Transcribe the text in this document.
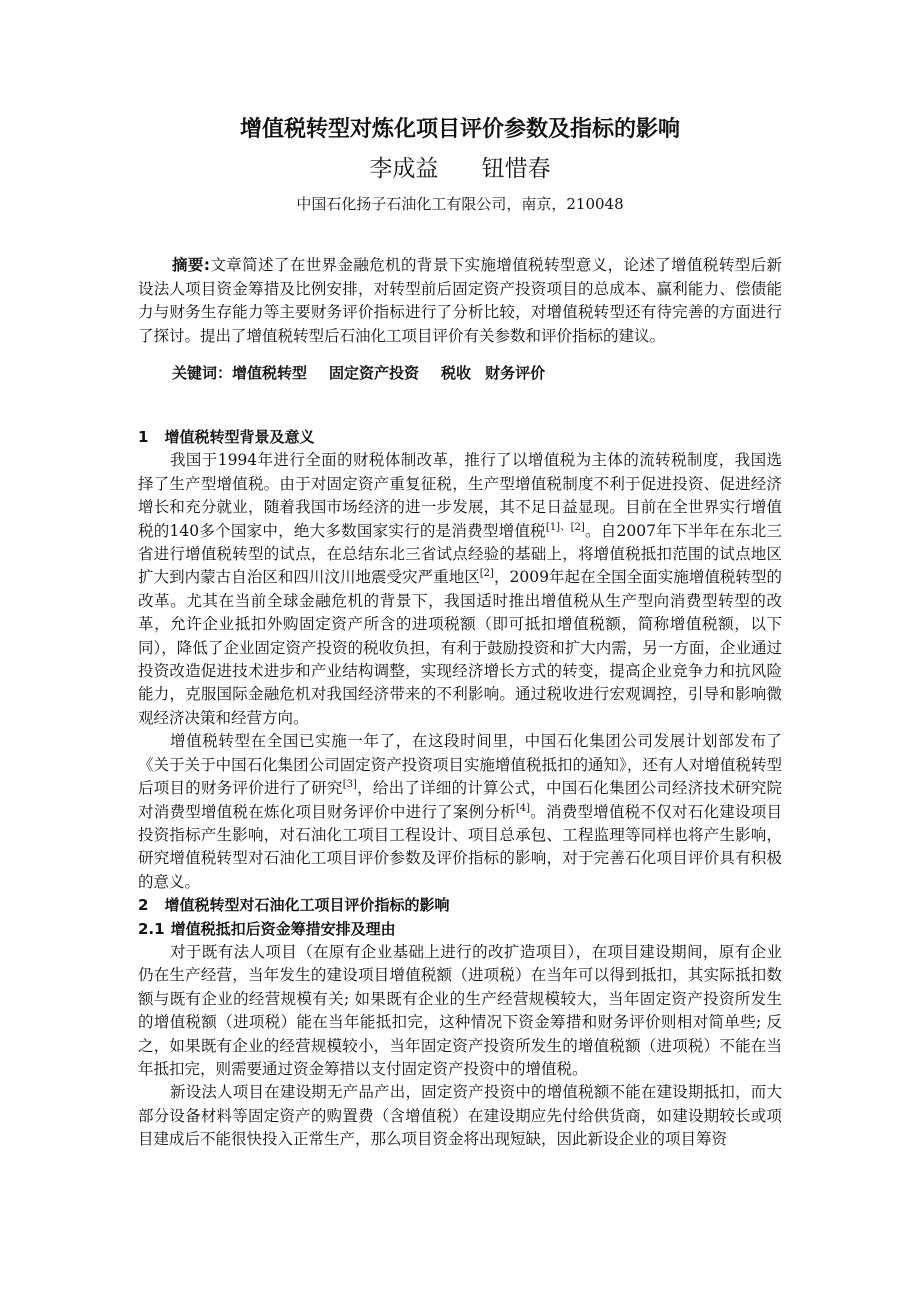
增值税转型对炼化项目评价参数及指标的影响
李成益 钮惜春
中国石化扬子石油化工有限公司，南京，210048
摘要:文章简述了在世界金融危机的背景下实施增值税转型意义，论述了增值税转型后新设法人项目资金筹措及比例安排，对转型前后固定资产投资项目的总成本、赢利能力、偿债能力与财务生存能力等主要财务评价指标进行了分析比较，对增值税转型还有待完善的方面进行了探讨。提出了增值税转型后石油化工项目评价有关参数和评价指标的建议。
关键词：增值税转型 固定资产投资 税收 财务评价

1 增值税转型背景及意义

我国于1994年进行全面的财税体制改革，推行了以增值税为主体的流转税制度，我国选择了生产型增值税。由于对固定资产重复征税，生产型增值税制度不利于促进投资、促进经济增长和充分就业，随着我国市场经济的进一步发展，其不足日益显现。目前在全世界实行增值税的140多个国家中，绝大多数国家实行的是消费型增值税[1]、[2]。自2007年下半年在东北三省进行增值税转型的试点，在总结东北三省试点经验的基础上，将增值税抵扣范围的试点地区扩大到内蒙古自治区和四川汶川地震受灾严重地区[2]，2009年起在全国全面实施增值税转型的改革。尤其在当前全球金融危机的背景下，我国适时推出增值税从生产型向消费型转型的改革，允许企业抵扣外购固定资产所含的进项税额（即可抵扣增值税额，简称增值税额，以下同），降低了企业固定资产投资的税收负担，有利于鼓励投资和扩大内需，另一方面，企业通过投资改造促进技术进步和产业结构调整，实现经济增长方式的转变，提高企业竞争力和抗风险能力，克服国际金融危机对我国经济带来的不利影响。通过税收进行宏观调控，引导和影响微观经济决策和经营方向。

增值税转型在全国已实施一年了，在这段时间里，中国石化集团公司发展计划部发布了《关于关于中国石化集团公司固定资产投资项目实施增值税抵扣的通知》，还有人对增值税转型后项目的财务评价进行了研究[3]，给出了详细的计算公式，中国石化集团公司经济技术研究院对消费型增值税在炼化项目财务评价中进行了案例分析[4]。消费型增值税不仅对石化建设项目投资指标产生影响，对石油化工项目工程设计、项目总承包、工程监理等同样也将产生影响，研究增值税转型对石油化工项目评价参数及评价指标的影响，对于完善石化项目评价具有积极的意义。

2 增值税转型对石油化工项目评价指标的影响

2.1 增值税抵扣后资金筹措安排及理由

对于既有法人项目（在原有企业基础上进行的改扩造项目），在项目建设期间，原有企业仍在生产经营，当年发生的建设项目增值税额（进项税）在当年可以得到抵扣，其实际抵扣数额与既有企业的经营规模有关; 如果既有企业的生产经营规模较大，当年固定资产投资所发生的增值税额（进项税）能在当年能抵扣完，这种情况下资金筹措和财务评价则相对简单些; 反之，如果既有企业的经营规模较小，当年固定资产投资所发生的增值税额（进项税）不能在当年抵扣完，则需要通过资金筹措以支付固定资产投资中的增值税。

新设法人项目在建设期无产品产出，固定资产投资中的增值税额不能在建设期抵扣，而大部分设备材料等固定资产的购置费（含增值税）在建设期应先付给供货商，如建设期较长或项目建成后不能很快投入正常生产，那么项目资金将出现短缺，因此新设企业的项目筹资
